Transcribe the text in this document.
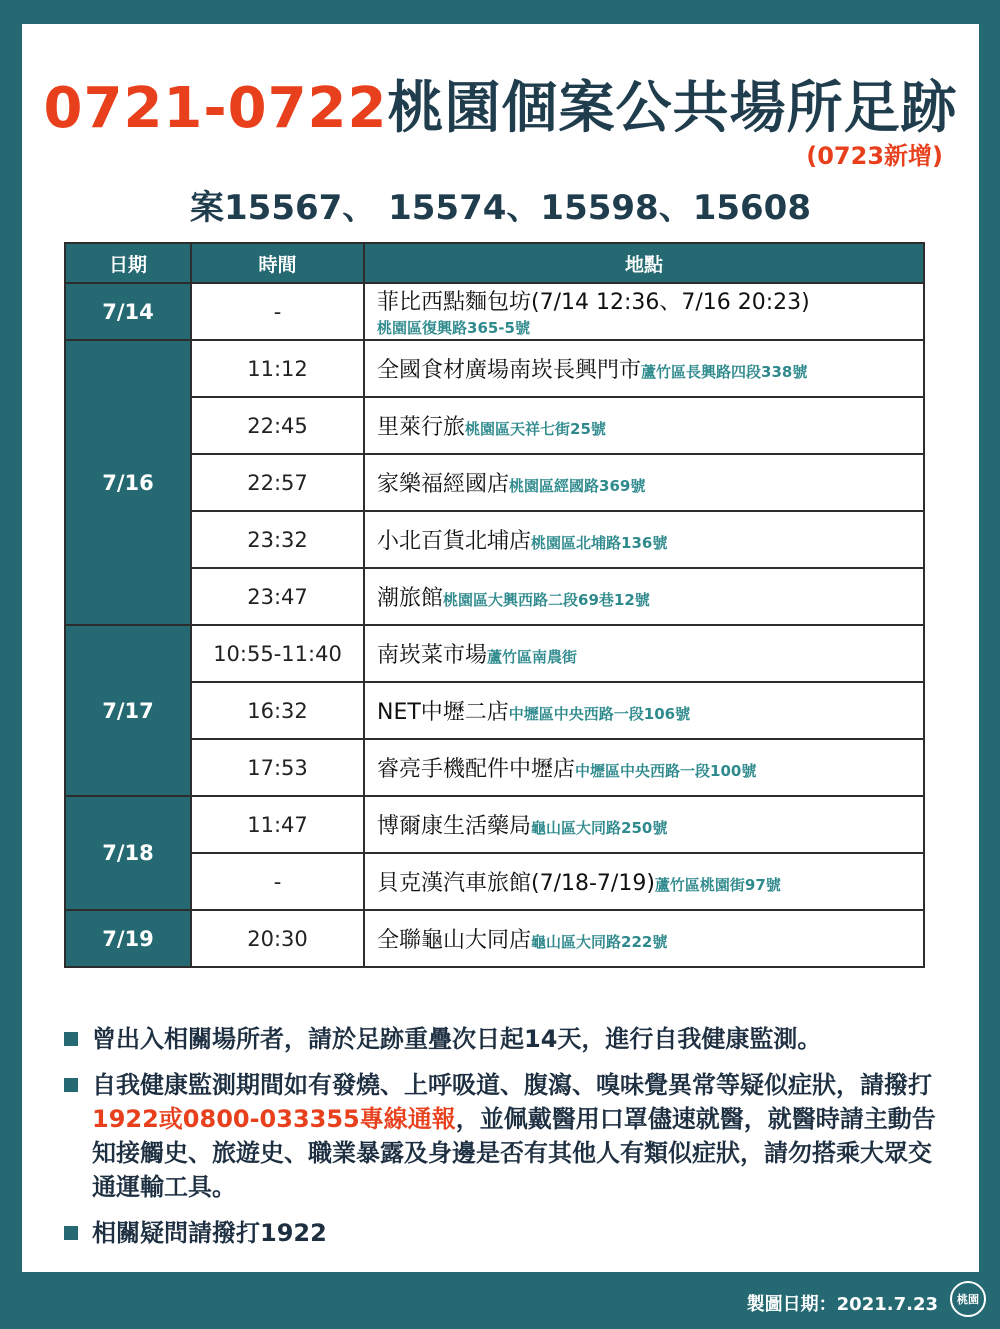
0721-0722桃園個案公共場所足跡
(0723新增)
案15567、 15574、15598、15608
日期	時間	地點
7/14	-	菲比西點麵包坊(7/14 12:36、7/16 20:23)
桃園區復興路365-5號

7/16	11:12	全國食材廣場南崁長興門市蘆竹區長興路四段338號
	22:45	里萊行旅桃園區天祥七街25號
	22:57	家樂福經國店桃園區經國路369號
	23:32	小北百貨北埔店桃園區北埔路136號
	23:47	潮旅館桃園區大興西路二段69巷12號
7/17	10:55-11:40	南崁菜市場蘆竹區南農街
	16:32	NET中壢二店中壢區中央西路一段106號
	17:53	睿亮手機配件中壢店中壢區中央西路一段100號
7/18	11:47	博爾康生活藥局龜山區大同路250號
	-	貝克漢汽車旅館(7/18-7/19)蘆竹區桃園街97號
7/19	20:30	全聯龜山大同店龜山區大同路222號
曾出入相關場所者，請於足跡重疊次日起14天，進行自我健康監測。
自我健康監測期間如有發燒、上呼吸道、腹瀉、嗅味覺異常等疑似症狀，請撥打1922或0800-033355專線通報，並佩戴醫用口罩儘速就醫，就醫時請主動告知接觸史、旅遊史、職業暴露及身邊是否有其他人有類似症狀，請勿搭乘大眾交通運輸工具。
相關疑問請撥打1922
製圖日期：2021.7.23	桃園
